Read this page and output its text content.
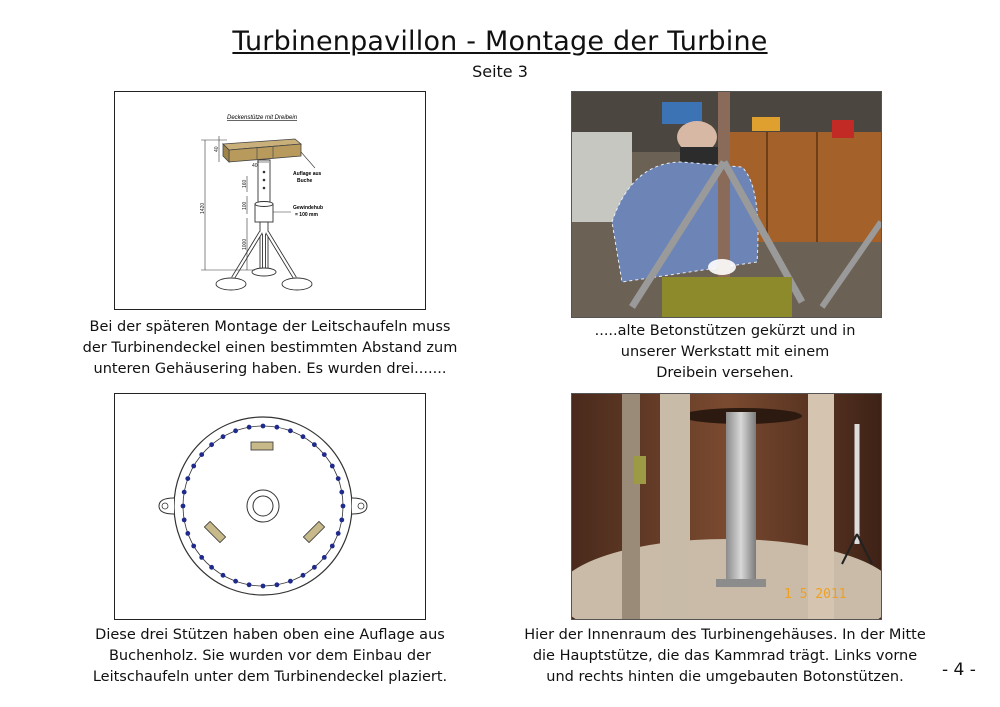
Turbinenpavillon - Montage der Turbine
Seite 3
Deckenstütze mit Dreibein
40
40
160
100
1000
1420
Auflage aus
Buche
Gewindehub
= 100 mm
Bei der späteren Montage der Leitschaufeln muss
der Turbinendeckel einen bestimmten Abstand zum
unteren Gehäusering haben. Es wurden drei.......
.....alte Betonstützen gekürzt und in
unserer Werkstatt mit einem
Dreibein versehen.
Diese drei Stützen haben oben eine Auflage aus
Buchenholz. Sie wurden vor dem Einbau der
Leitschaufeln unter dem Turbinendeckel plaziert.
1 5 2011
Hier der Innenraum des Turbinengehäuses. In der Mitte
die Hauptstütze, die das Kammrad trägt. Links vorne
und rechts hinten die umgebauten Botonstützen.	- 4 -
